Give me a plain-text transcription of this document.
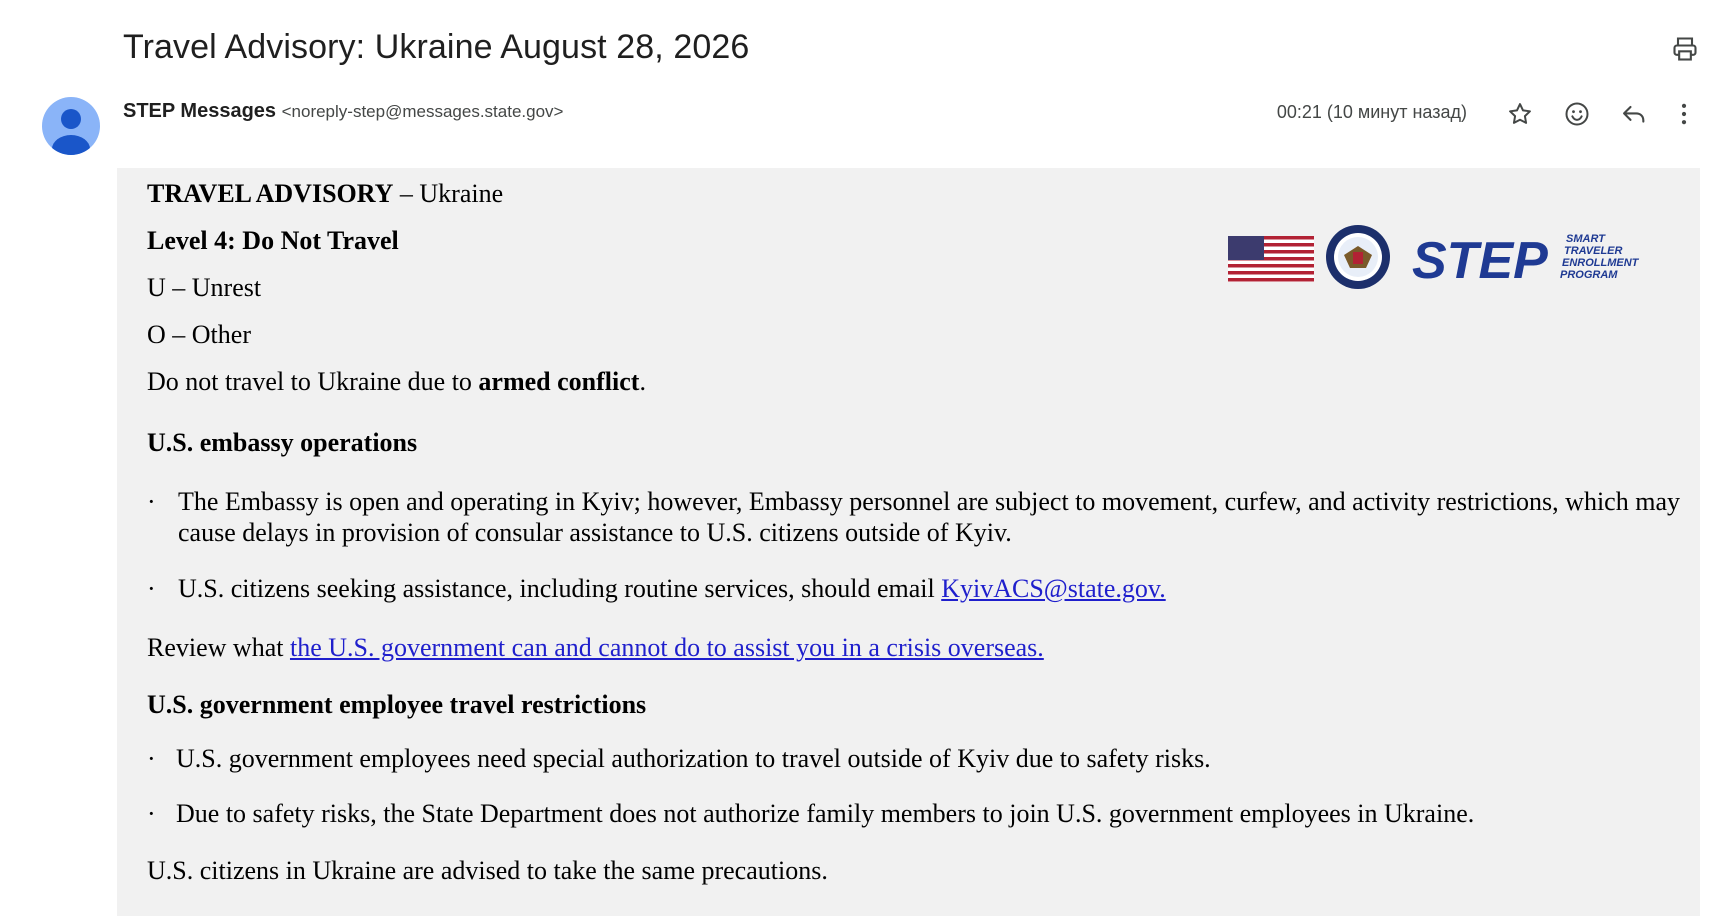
Travel Advisory: Ukraine August 28, 2026
STEP Messages <noreply-step@messages.state.gov>	00:21 (10 минут назад)
STEP SMART
TRAVELER
ENROLLMENT
PROGRAM
TRAVEL ADVISORY – Ukraine
Level 4: Do Not Travel
U – Unrest
O – Other
Do not travel to Ukraine due to armed conflict.
U.S. embassy operations
· The Embassy is open and operating in Kyiv; however, Embassy personnel are subject to movement, curfew, and activity restrictions, which may cause delays in provision of consular assistance to U.S. citizens outside of Kyiv.
· U.S. citizens seeking assistance, including routine services, should email KyivACS@state.gov.
Review what the U.S. government can and cannot do to assist you in a crisis overseas.
U.S. government employee travel restrictions
· U.S. government employees need special authorization to travel outside of Kyiv due to safety risks.
· Due to safety risks, the State Department does not authorize family members to join U.S. government employees in Ukraine.
U.S. citizens in Ukraine are advised to take the same precautions.
